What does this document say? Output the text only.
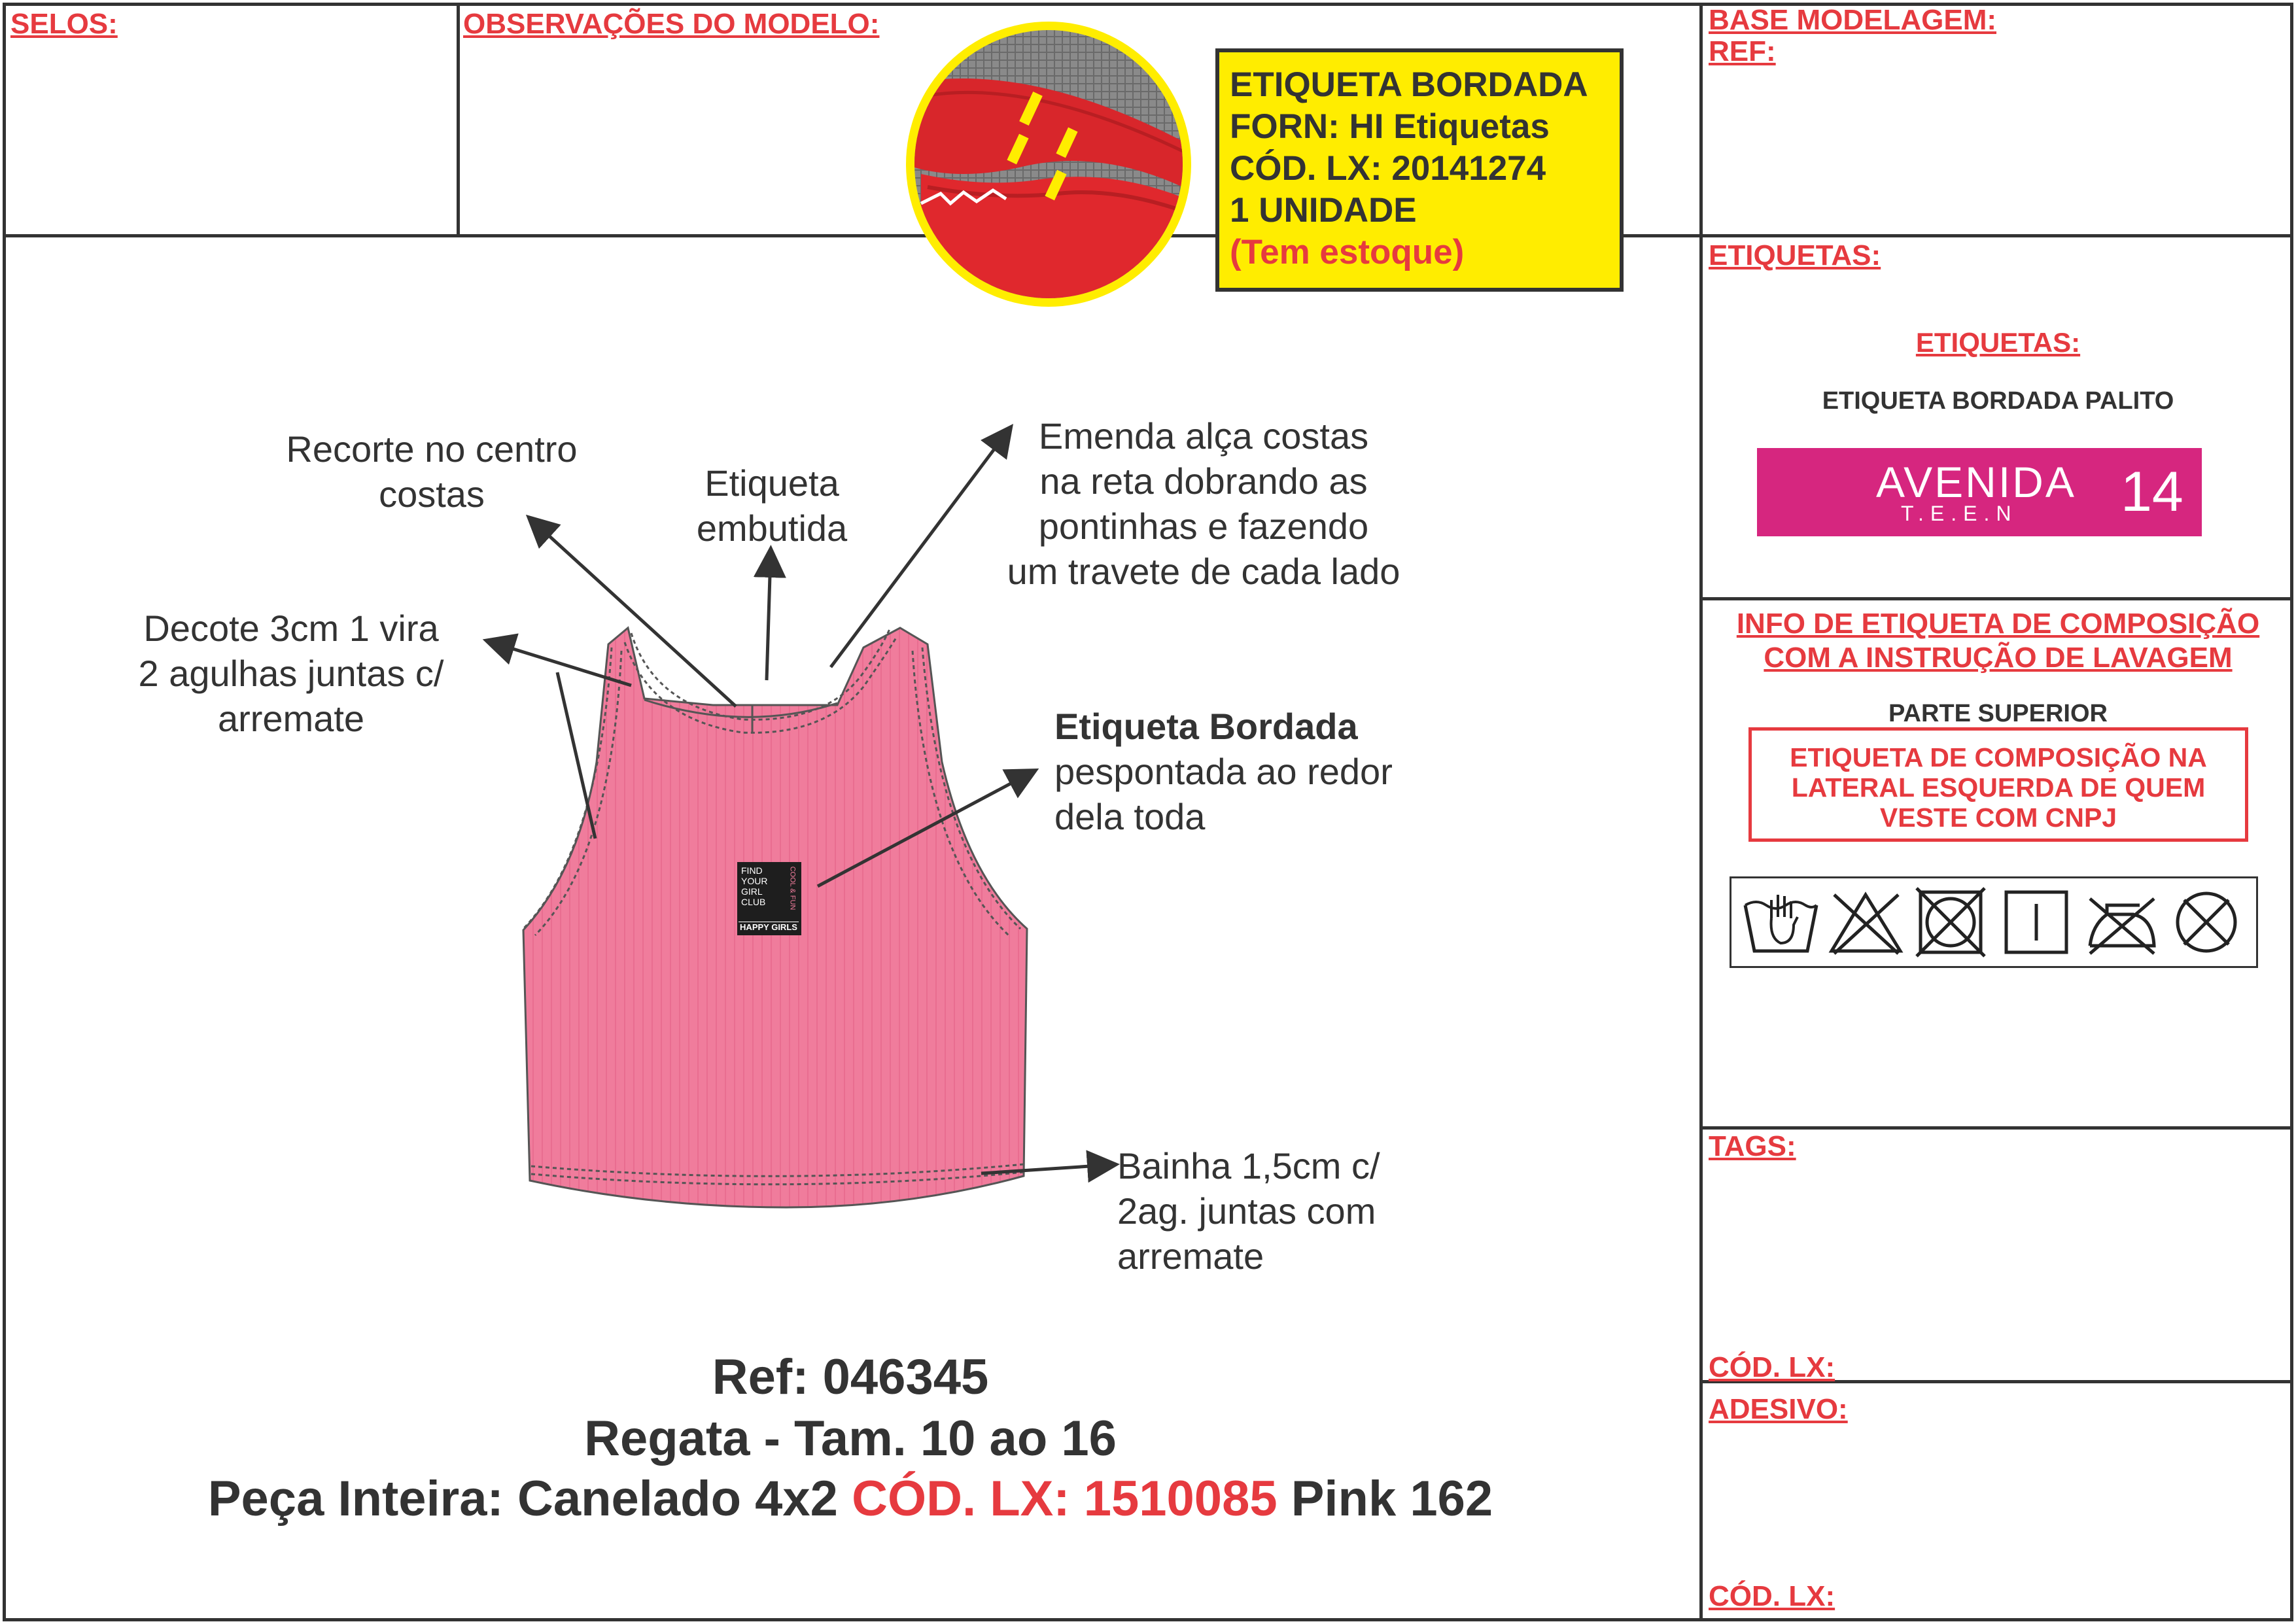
SELOS:	OBSERVAÇÕES DO MODELO:	BASE MODELAGEM:
REF:
ETIQUETA BORDADA
FORN: HI Etiquetas
CÓD. LX: 20141274
1 UNIDADE
(Tem estoque)
Recorte no centro
costas	Etiqueta
embutida
Emenda alça costas
na reta dobrando as
pontinhas e fazendo
um travete de cada lado
Decote 3cm 1 vira
2 agulhas juntas c/
arremate	Etiqueta Bordada
pespontada ao redor
dela toda
Bainha 1,5cm c/
2ag. juntas com
arremate
FIND
YOUR
GIRL
CLUB	COOL & FUN
HAPPY GIRLS
Ref: 046345
Regata - Tam. 10 ao 16
Peça Inteira: Canelado 4x2 CÓD. LX: 1510085 Pink 162
ETIQUETAS:
ETIQUETAS:
ETIQUETA BORDADA PALITO
AVENIDA
T.E.E.N 14
INFO DE ETIQUETA DE COMPOSIÇÃO
COM A INSTRUÇÃO DE LAVAGEM
PARTE SUPERIOR
ETIQUETA DE COMPOSIÇÃO NA
LATERAL ESQUERDA DE QUEM
VESTE COM CNPJ
TAGS:
CÓD. LX:
ADESIVO:
CÓD. LX:
